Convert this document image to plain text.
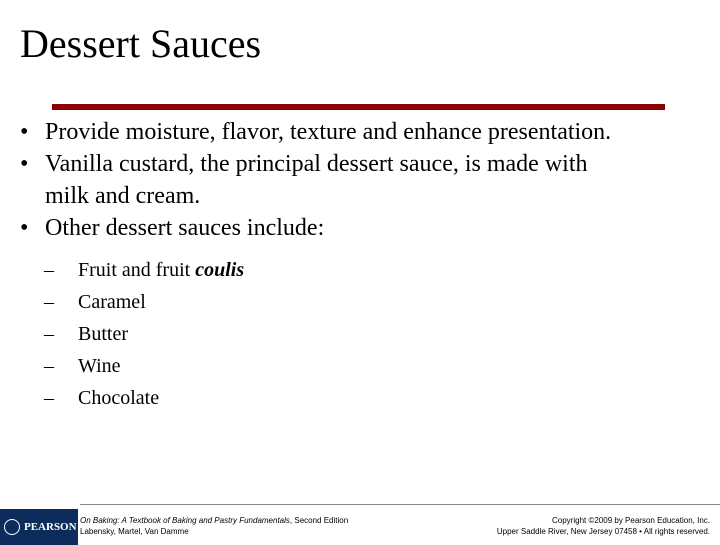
Dessert Sauces
• Provide moisture, flavor, texture and enhance presentation.
• Vanilla custard, the principal dessert sauce, is made with
milk and cream.
• Other dessert sauces include:
– Fruit and fruit coulis
– Caramel
– Butter
– Wine
– Chocolate
PEARSON
On Baking: A Textbook of Baking and Pastry Fundamentals, Second Edition
Labensky, Martel, Van Damme
Copyright ©2009 by Pearson Education, Inc.
Upper Saddle River, New Jersey 07458 • All rights reserved.
